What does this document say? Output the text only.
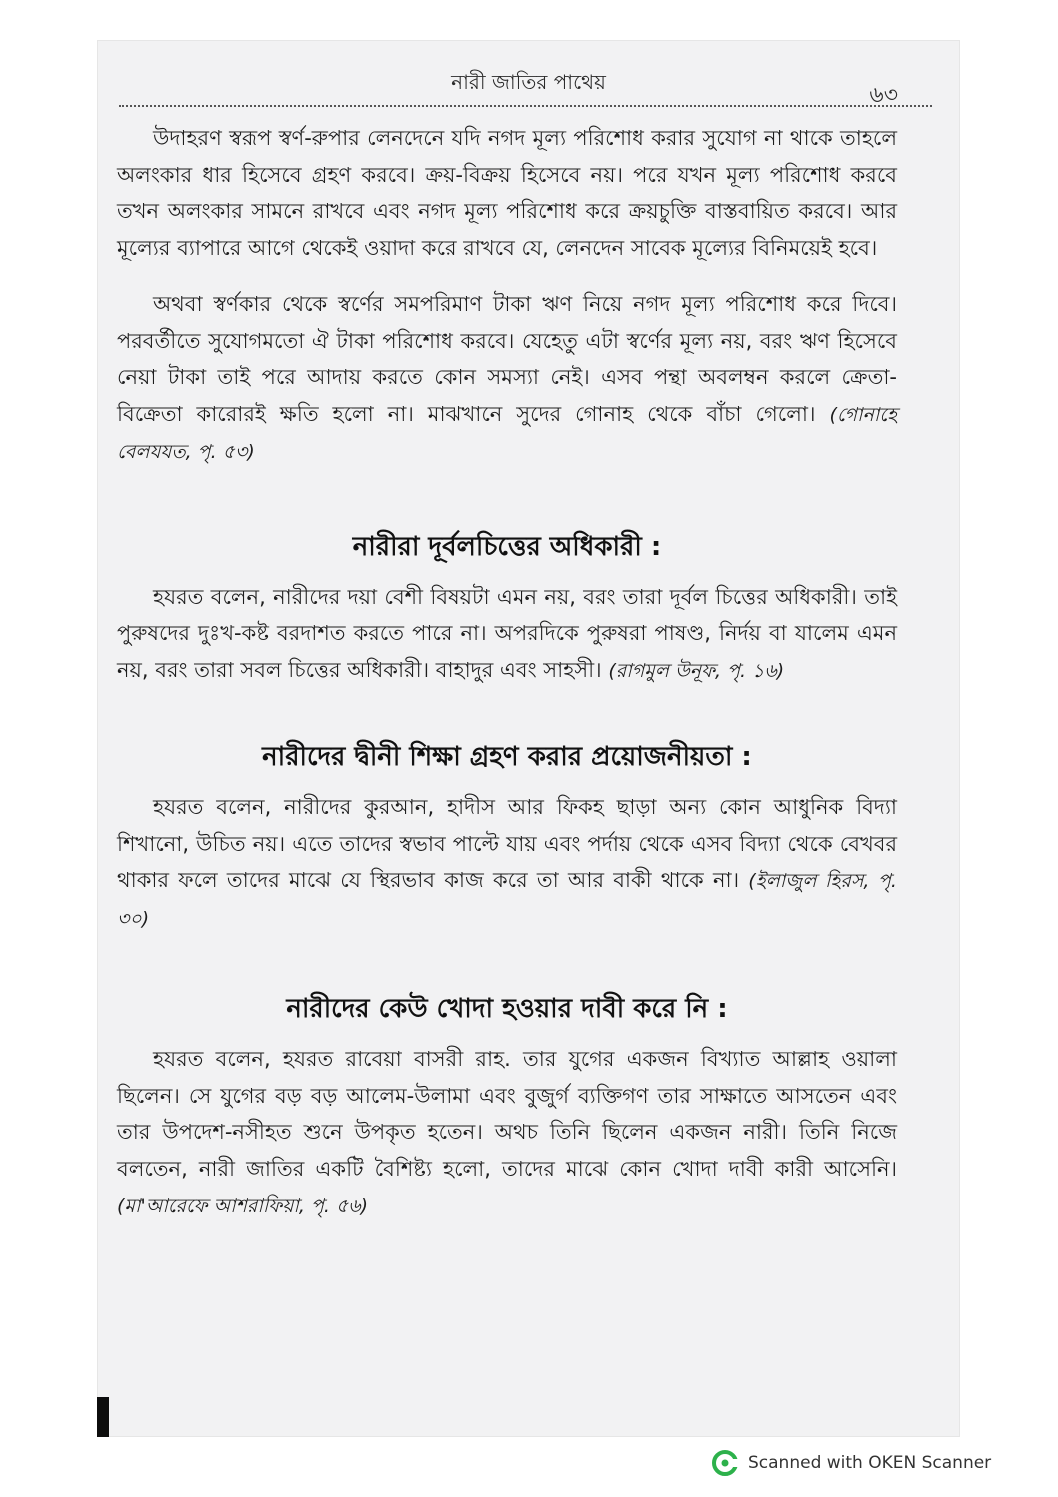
নারী জাতির পাথেয়
৬৩

উদাহরণ স্বরূপ স্বর্ণ-রুপার লেনদেনে যদি নগদ মূল্য পরিশোধ করার সুযোগ না থাকে তাহলে অলংকার ধার হিসেবে গ্রহণ করবে। ক্রয়-বিক্রয় হিসেবে নয়। পরে যখন মূল্য পরিশোধ করবে তখন অলংকার সামনে রাখবে এবং নগদ মূল্য পরিশোধ করে ক্রয়চুক্তি বাস্তবায়িত করবে। আর মূল্যের ব্যাপারে আগে থেকেই ওয়াদা করে রাখবে যে, লেনদেন সাবেক মূল্যের বিনিময়েই হবে।

অথবা স্বর্ণকার থেকে স্বর্ণের সমপরিমাণ টাকা ঋণ নিয়ে নগদ মূল্য পরিশোধ করে দিবে। পরবর্তীতে সুযোগমতো ঐ টাকা পরিশোধ করবে। যেহেতু এটা স্বর্ণের মূল্য নয়, বরং ঋণ হিসেবে নেয়া টাকা তাই পরে আদায় করতে কোন সমস্যা নেই। এসব পন্থা অবলম্বন করলে ক্রেতা-বিক্রেতা কারোরই ক্ষতি হলো না। মাঝখানে সুদের গোনাহ থেকে বাঁচা গেলো। (গোনাহে বেলযযত, পৃ. ৫৩)

নারীরা দূর্বলচিত্তের অধিকারী :

হযরত বলেন, নারীদের দয়া বেশী বিষয়টা এমন নয়, বরং তারা দূর্বল চিত্তের অধিকারী। তাই পুরুষদের দুঃখ-কষ্ট বরদাশত করতে পারে না। অপরদিকে পুরুষরা পাষণ্ড, নির্দয় বা যালেম এমন নয়, বরং তারা সবল চিত্তের অধিকারী। বাহাদুর এবং সাহসী। (রাগমুল উনূফ, পৃ. ১৬)

নারীদের দ্বীনী শিক্ষা গ্রহণ করার প্রয়োজনীয়তা :

হযরত বলেন, নারীদের কুরআন, হাদীস আর ফিকহ ছাড়া অন্য কোন আধুনিক বিদ্যা শিখানো, উচিত নয়। এতে তাদের স্বভাব পাল্টে যায় এবং পর্দায় থেকে এসব বিদ্যা থেকে বেখবর থাকার ফলে তাদের মাঝে যে স্থিরভাব কাজ করে তা আর বাকী থাকে না। (ইলাজুল হিরস, পৃ. ৩০)

নারীদের কেউ খোদা হওয়ার দাবী করে নি :

হযরত বলেন, হযরত রাবেয়া বাসরী রাহ. তার যুগের একজন বিখ্যাত আল্লাহ ওয়ালা ছিলেন। সে যুগের বড় বড় আলেম-উলামা এবং বুজুর্গ ব্যক্তিগণ তার সাক্ষাতে আসতেন এবং তার উপদেশ-নসীহত শুনে উপকৃত হতেন। অথচ তিনি ছিলেন একজন নারী। তিনি নিজে বলতেন, নারী জাতির একটি বৈশিষ্ট্য হলো, তাদের মাঝে কোন খোদা দাবী কারী আসেনি। (মা'আরেফে আশরাফিয়া, পৃ. ৫৬)

Scanned with OKEN Scanner
